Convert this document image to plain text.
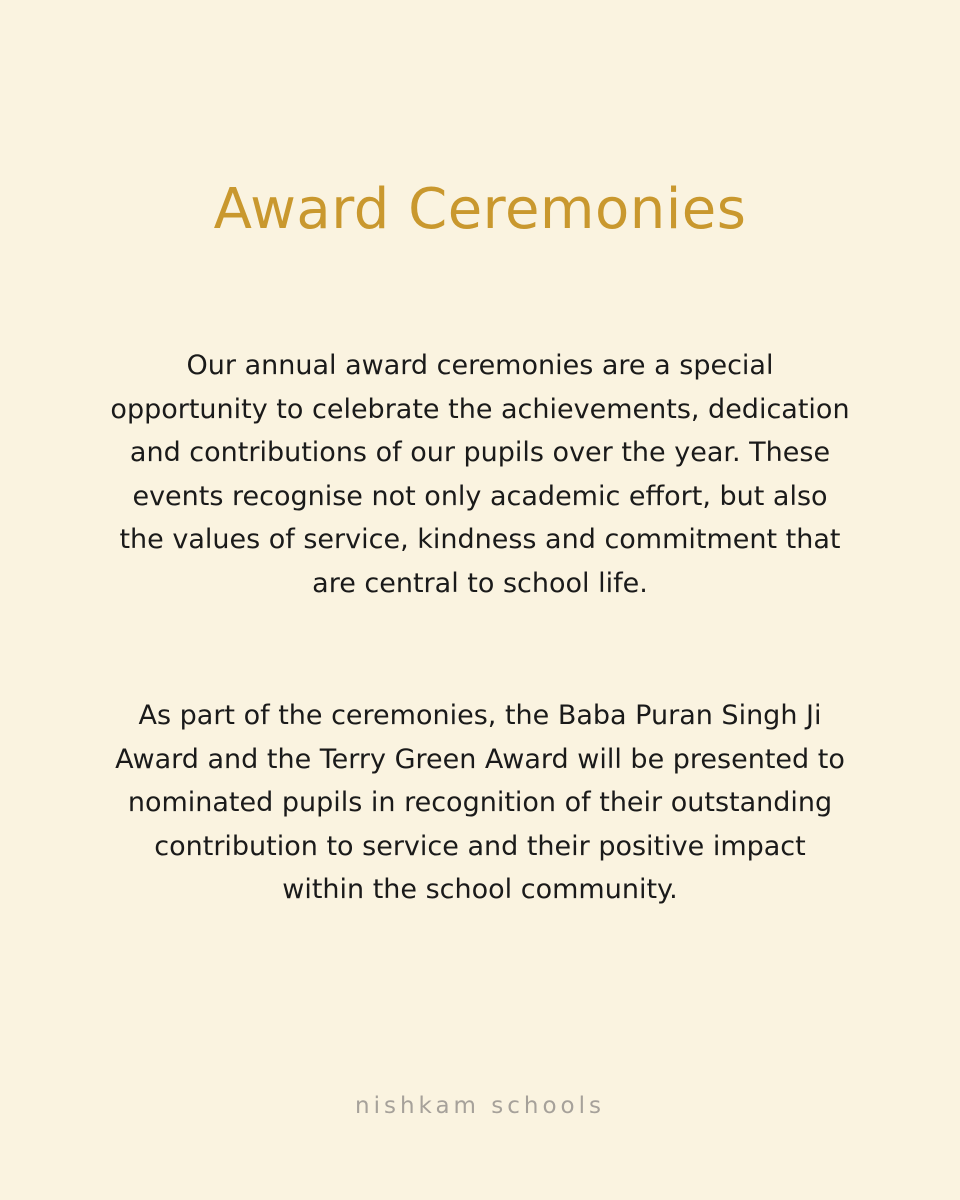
Award Ceremonies

Our annual award ceremonies are a special opportunity to celebrate the achievements, dedication and contributions of our pupils over the year. These events recognise not only academic effort, but also the values of service, kindness and commitment that are central to school life.

As part of the ceremonies, the Baba Puran Singh Ji Award and the Terry Green Award will be presented to nominated pupils in recognition of their outstanding contribution to service and their positive impact within the school community.

nishkam schools
